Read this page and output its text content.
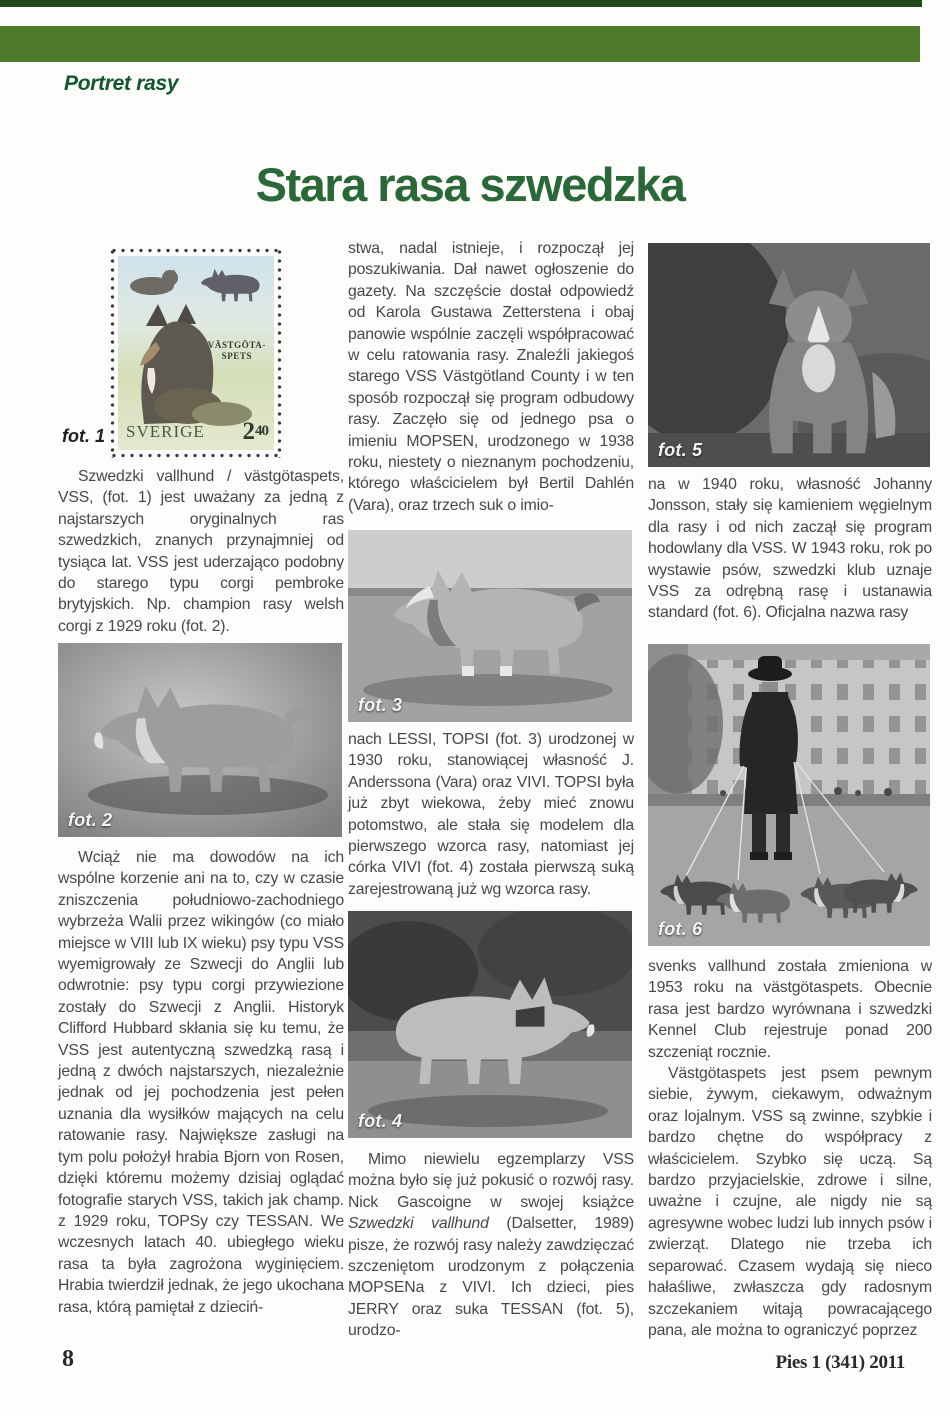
Portret rasy
Stara rasa szwedzka
VÄSTGÖTA-
SPETS
SVERIGE 240
fot. 1

Szwedzki vallhund / västgötaspets, VSS, (fot. 1) jest uważany za jedną z najstarszych oryginalnych ras szwedzkich, znanych przynajmniej od tysiąca lat. VSS jest uderzająco podobny do starego typu corgi pembroke brytyjskich. Np. champion rasy welsh corgi z 1929 roku (fot. 2).

fot. 2

Wciąż nie ma dowodów na ich wspólne korzenie ani na to, czy w czasie zniszczenia południowo-zachodniego wybrzeża Walii przez wikingów (co miało miejsce w VIII lub IX wieku) psy typu VSS wyemigrowały ze Szwecji do Anglii lub odwrotnie: psy typu corgi przywiezione zostały do Szwecji z Anglii. Historyk Clifford Hubbard skłania się ku temu, że VSS jest autentyczną szwedzką rasą i jedną z dwóch najstarszych, niezależnie jednak od jej pochodzenia jest pełen uznania dla wysiłków mających na celu ratowanie rasy. Największe zasługi na tym polu położył hrabia Bjorn von Rosen, dzięki któremu możemy dzisiaj oglądać fotografie starych VSS, takich jak champ. z 1929 roku, TOPSy czy TESSAN. We wczesnych latach 40. ubiegłego wieku rasa ta była zagrożona wyginięciem. Hrabia twierdził jednak, że jego ukochana rasa, którą pamiętał z dzieciń-

stwa, nadal istnieje, i rozpoczął jej poszukiwania. Dał nawet ogłoszenie do gazety. Na szczęście dostał odpowiedź od Karola Gustawa Zetterstena i obaj panowie wspólnie zaczęli współpracować w celu ratowania rasy. Znaleźli jakiegoś starego VSS Västgötland County i w ten sposób rozpoczął się program odbudowy rasy. Zaczęło się od jednego psa o imieniu MOPSEN, urodzonego w 1938 roku, niestety o nieznanym pochodzeniu, którego właścicielem był Bertil Dahlén (Vara), oraz trzech suk o imio-

fot. 3

nach LESSI, TOPSI (fot. 3) urodzonej w 1930 roku, stanowiącej własność J. Anderssona (Vara) oraz VIVI. TOPSI była już zbyt wiekowa, żeby mieć znowu potomstwo, ale stała się modelem dla pierwszego wzorca rasy, natomiast jej córka VIVI (fot. 4) została pierwszą suką zarejestrowaną już wg wzorca rasy.

fot. 4

Mimo niewielu egzemplarzy VSS można było się już pokusić o rozwój rasy. Nick Gascoigne w swojej książce Szwedzki vallhund (Dalsetter, 1989) pisze, że rozwój rasy należy zawdzięczać szczeniętom urodzonym z połączenia MOPSENa z VIVI. Ich dzieci, pies JERRY oraz suka TESSAN (fot. 5), urodzo-

fot. 5

na w 1940 roku, własność Johanny Jonsson, stały się kamieniem węgielnym dla rasy i od nich zaczął się program hodowlany dla VSS. W 1943 roku, rok po wystawie psów, szwedzki klub uznaje VSS za odrębną rasę i ustanawia standard (fot. 6). Oficjalna nazwa rasy

fot. 6

svenks vallhund została zmieniona w 1953 roku na västgötaspets. Obecnie rasa jest bardzo wyrównana i szwedzki Kennel Club rejestruje ponad 200 szczeniąt rocznie.

Västgötaspets jest psem pewnym siebie, żywym, ciekawym, odważnym oraz lojalnym. VSS są zwinne, szybkie i bardzo chętne do współpracy z właścicielem. Szybko się uczą. Są bardzo przyjacielskie, zdrowe i silne, uważne i czujne, ale nigdy nie są agresywne wobec ludzi lub innych psów i zwierząt. Dlatego nie trzeba ich separować. Czasem wydają się nieco hałaśliwe, zwłaszcza gdy radosnym szczekaniem witają powracającego pana, ale można to ograniczyć poprzez

8	Pies 1 (341) 2011
